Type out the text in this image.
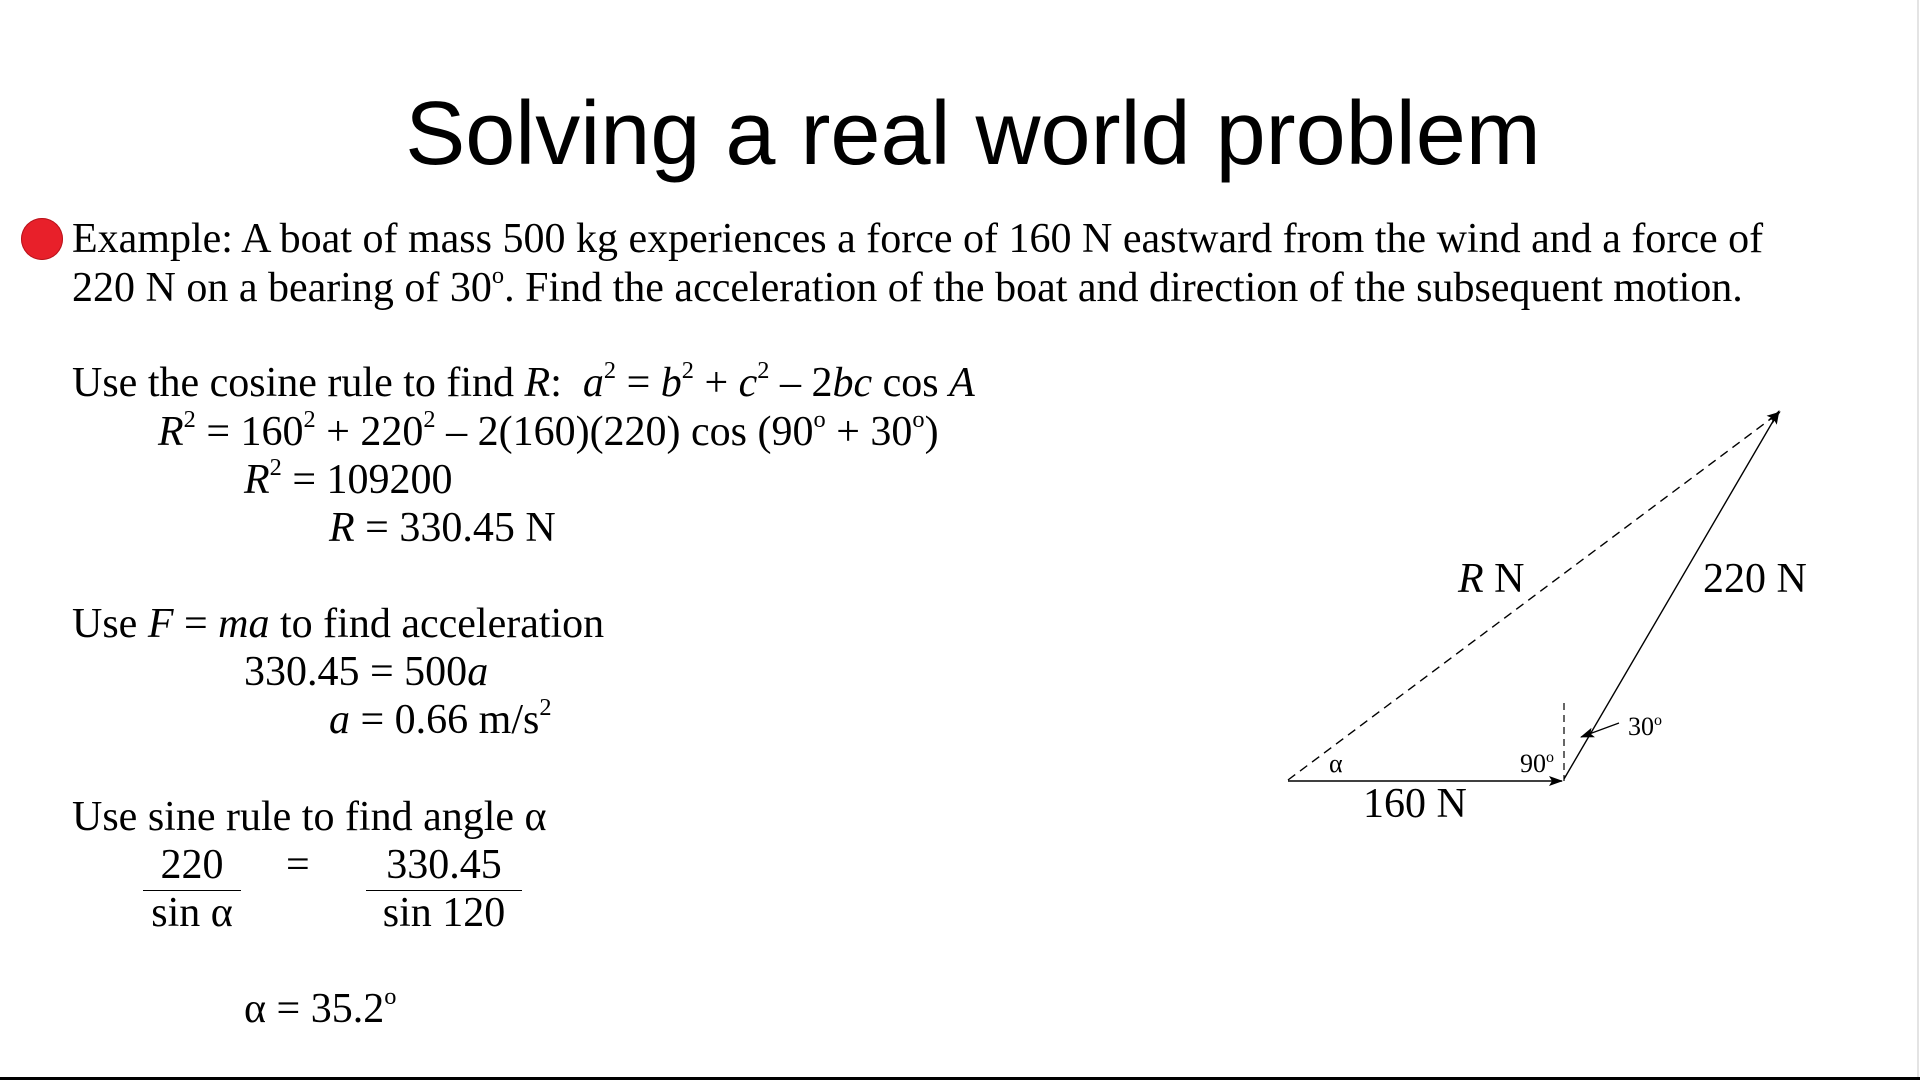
Solving a real world problem
Example: A boat of mass 500 kg experiences a force of 160 N eastward from the wind and a force of
220 N on a bearing of 30$^o$. Find the acceleration of the boat and direction of the subsequent motion.
Use the cosine rule to find R: $a^2 = b^2 + c^2 - 2bc$ cos A
$R^2 = 160^2 + 220^2 - 2(160)(220)$ $\cos (90^o + 30^o)$
$R^2 = 109200$
R = 330.45 N
Use F = ma to find acceleration
330.45 = 500a
a = 0.66 $m/s^2$
Use sine rule to find angle α
220
sin α
=	330.45
sin 120
$\alpha = 35.2^o$
R N	220 N
160 N
α	90$^o$
30$^o$
